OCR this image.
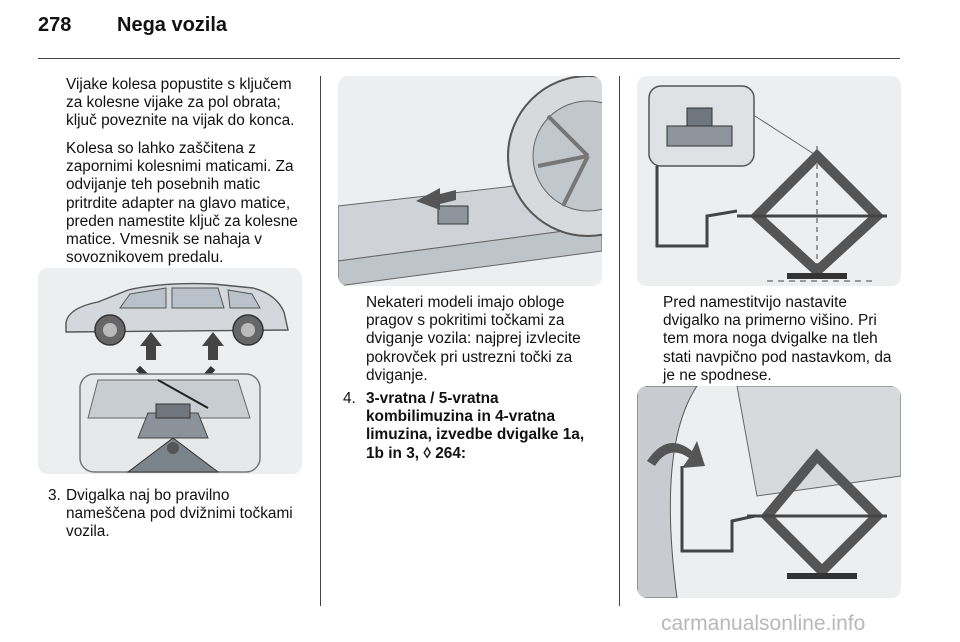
278 Nega vozila

Vijake kolesa popustite s ključem za kolesne vijake za pol obrata; ključ poveznite na vijak do konca.

Kolesa so lahko zaščitena z zapornimi kolesnimi maticami. Za odvijanje teh posebnih matic pritrdite adapter na glavo matice, preden namestite ključ za kolesne matice. Vmesnik se nahaja v sovoznikovem predalu.

3. Dvigalka naj bo pravilno nameščena pod dvižnimi točkami vozila.

Nekateri modeli imajo obloge pragov s pokritimi točkami za dviganje vozila: najprej izvlecite pokrovček pri ustrezni točki za dviganje.

4. 3-vratna / 5-vratna kombilimuzina in 4-vratna limuzina, izvedbe dvigalke 1a, 1b in 3, ◊ 264:

Pred namestitvijo nastavite dvigalko na primerno višino. Pri tem mora noga dvigalke na tleh stati navpično pod nastavkom, da je ne spodnese.

carmanualsonline.info
